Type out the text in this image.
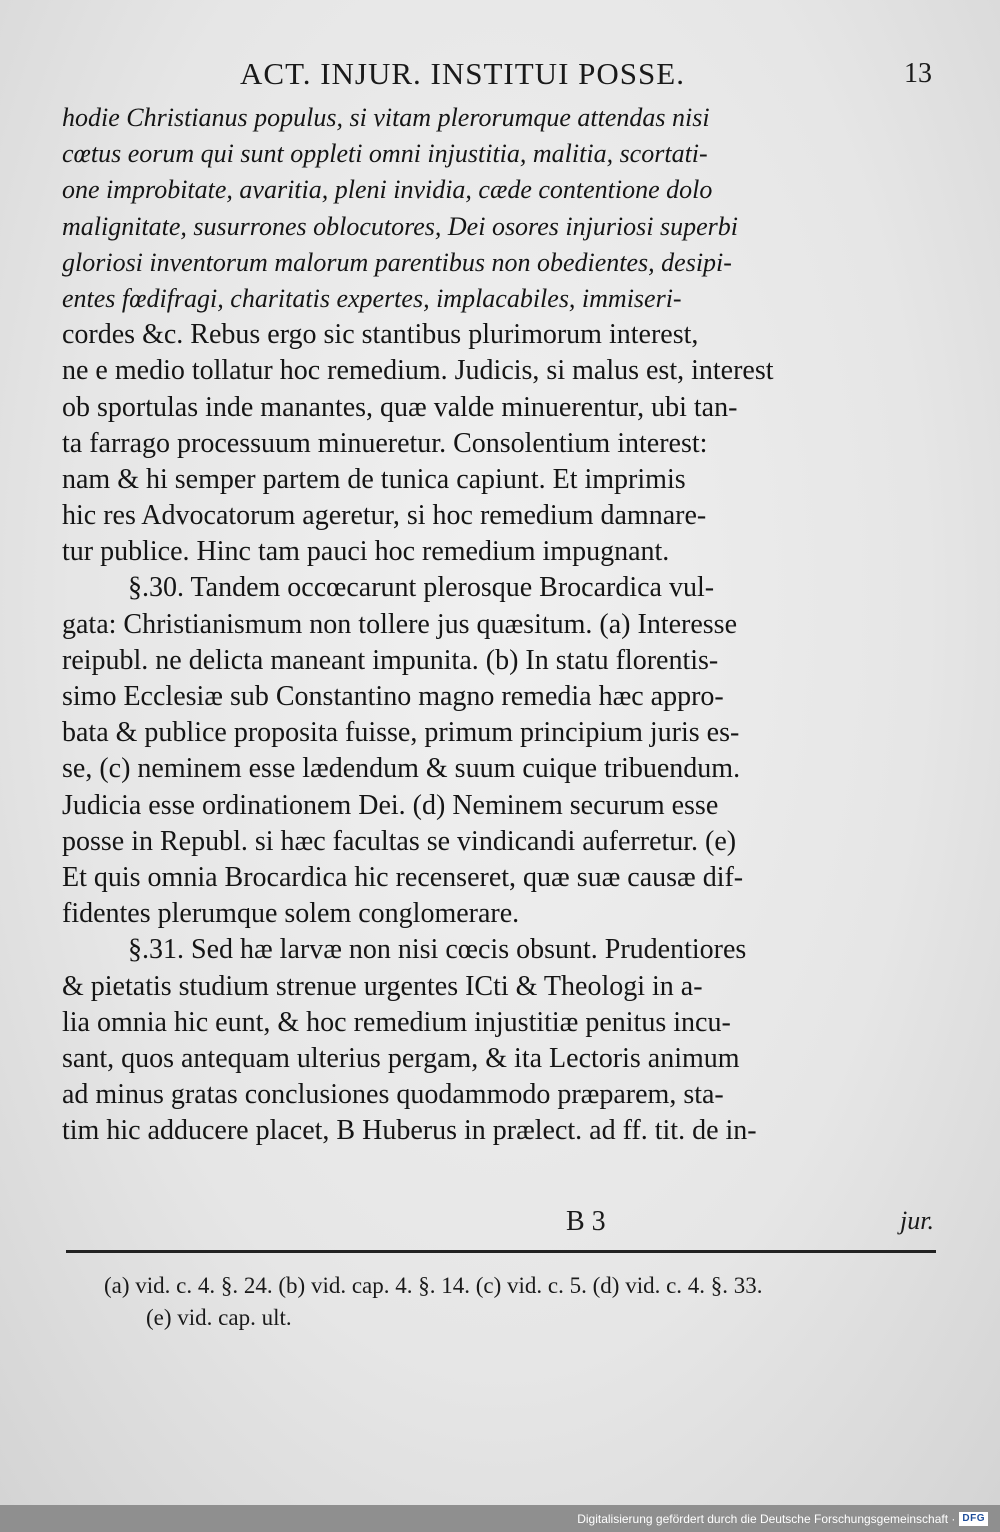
ACT. INJUR. INSTITUI POSSE.	13
hodie Christianus populus, si vitam plerorumque attendas nisi
cœtus eorum qui sunt oppleti omni injustitia, malitia, scortati-
one improbitate, avaritia, pleni invidia, cæde contentione dolo
malignitate, susurrones oblocutores, Dei osores injuriosi superbi
gloriosi inventorum malorum parentibus non obedientes, desipi-
entes fœdifragi, charitatis expertes, implacabiles, immiseri-
cordes &c. Rebus ergo sic stantibus plurimorum interest,
ne e medio tollatur hoc remedium. Judicis, si malus est, interest
ob sportulas inde manantes, quæ valde minuerentur, ubi tan-
ta farrago processuum minueretur. Consolentium interest:
nam & hi semper partem de tunica capiunt. Et imprimis
hic res Advocatorum ageretur, si hoc remedium damnare-
tur publice. Hinc tam pauci hoc remedium impugnant.
§.30. Tandem occœcarunt plerosque Brocardica vul-
gata: Christianismum non tollere jus quæsitum. (a) Interesse
reipubl. ne delicta maneant impunita. (b) In statu florentis-
simo Ecclesiæ sub Constantino magno remedia hæc appro-
bata & publice proposita fuisse, primum principium juris es-
se, (c) neminem esse lædendum & suum cuique tribuendum.
Judicia esse ordinationem Dei. (d) Neminem securum esse
posse in Republ. si hæc facultas se vindicandi auferretur. (e)
Et quis omnia Brocardica hic recenseret, quæ suæ causæ dif-
fidentes plerumque solem conglomerare.
§.31. Sed hæ larvæ non nisi cœcis obsunt. Prudentiores
& pietatis studium strenue urgentes ICti & Theologi in a-
lia omnia hic eunt, & hoc remedium injustitiæ penitus incu-
sant, quos antequam ulterius pergam, & ita Lectoris animum
ad minus gratas conclusiones quodammodo præparem, sta-
tim hic adducere placet, B Huberus in prælect. ad ff. tit. de in-
B 3	jur.
(a) vid. c. 4. §. 24. (b) vid. cap. 4. §. 14. (c) vid. c. 5. (d) vid. c. 4. §. 33.
(e) vid. cap. ult.
Digitalisierung gefördert durch die Deutsche Forschungsgemeinschaft · DFG
